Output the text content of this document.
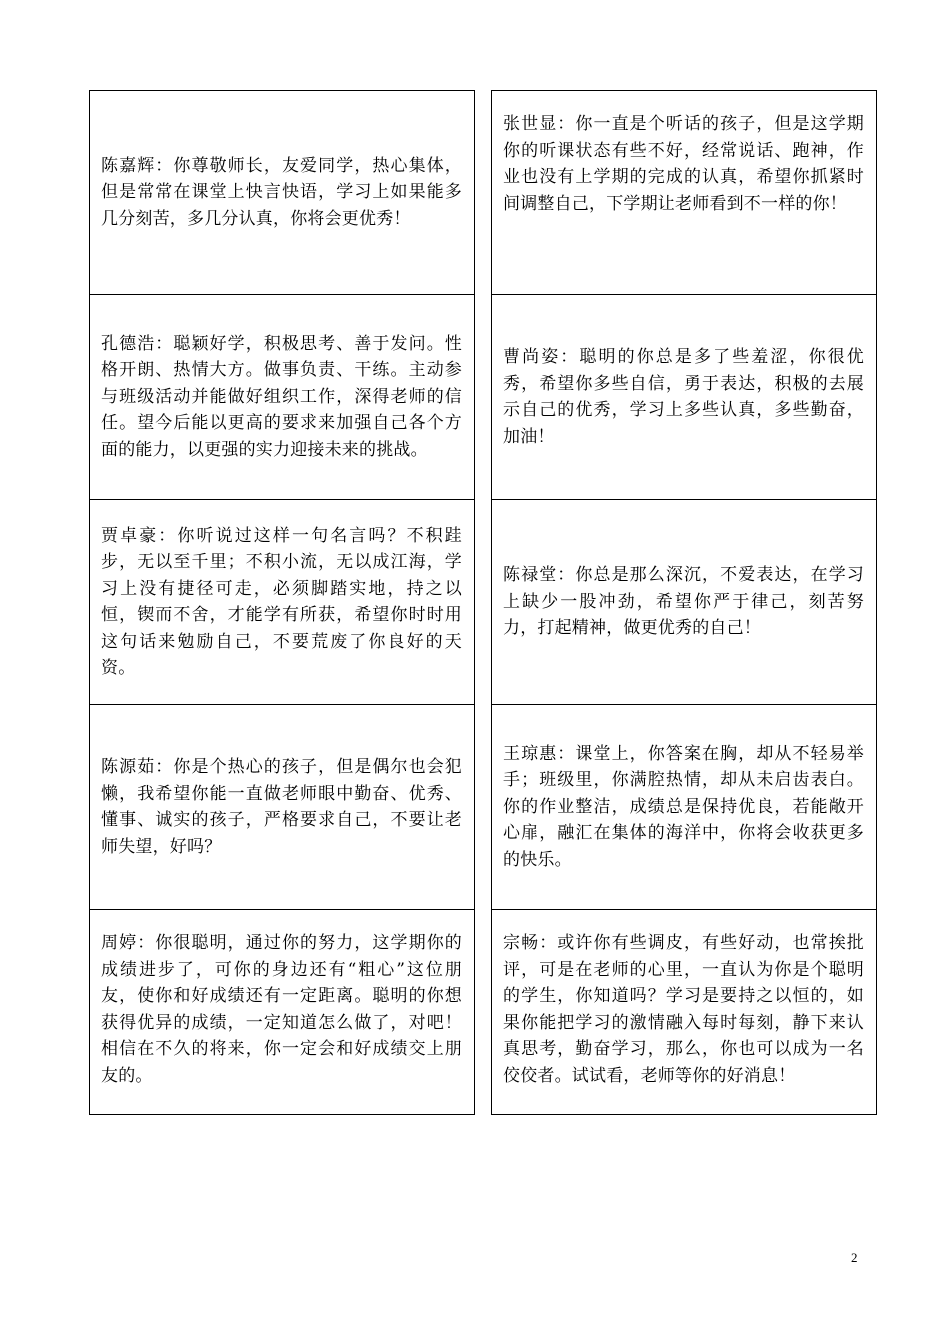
陈嘉辉：你尊敬师长，友爱同学，热心集体，但是常常在课堂上快言快语，学习上如果能多几分刻苦，多几分认真，你将会更优秀！

孔德浩：聪颖好学，积极思考、善于发问。性格开朗、热情大方。做事负责、干练。主动参与班级活动并能做好组织工作，深得老师的信任。望今后能以更高的要求来加强自己各个方面的能力，以更强的实力迎接未来的挑战。

贾卓豪：你听说过这样一句名言吗？不积跬步，无以至千里；不积小流，无以成江海，学习上没有捷径可走，必须脚踏实地，持之以恒，锲而不舍，才能学有所获，希望你时时用这句话来勉励自己，不要荒废了你良好的天资。

陈源茹：你是个热心的孩子，但是偶尔也会犯懒，我希望你能一直做老师眼中勤奋、优秀、懂事、诚实的孩子，严格要求自己，不要让老师失望，好吗？

周婷：你很聪明，通过你的努力，这学期你的成绩进步了，可你的身边还有“粗心”这位朋友，使你和好成绩还有一定距离。聪明的你想获得优异的成绩，一定知道怎么做了，对吧！相信在不久的将来，你一定会和好成绩交上朋友的。

张世显：你一直是个听话的孩子，但是这学期你的听课状态有些不好，经常说话、跑神，作业也没有上学期的完成的认真，希望你抓紧时间调整自己，下学期让老师看到不一样的你！

曹尚姿：聪明的你总是多了些羞涩，你很优秀，希望你多些自信，勇于表达，积极的去展示自己的优秀，学习上多些认真，多些勤奋，加油！

陈禄堂：你总是那么深沉，不爱表达，在学习上缺少一股冲劲，希望你严于律己，刻苦努力，打起精神，做更优秀的自己！

王琼惠：课堂上，你答案在胸，却从不轻易举手；班级里，你满腔热情，却从未启齿表白。你的作业整洁，成绩总是保持优良，若能敞开心扉，融汇在集体的海洋中，你将会收获更多的快乐。

宗畅：或许你有些调皮，有些好动，也常挨批评，可是在老师的心里，一直认为你是个聪明的学生，你知道吗？学习是要持之以恒的，如果你能把学习的激情融入每时每刻，静下来认真思考，勤奋学习，那么，你也可以成为一名佼佼者。试试看，老师等你的好消息！

2
